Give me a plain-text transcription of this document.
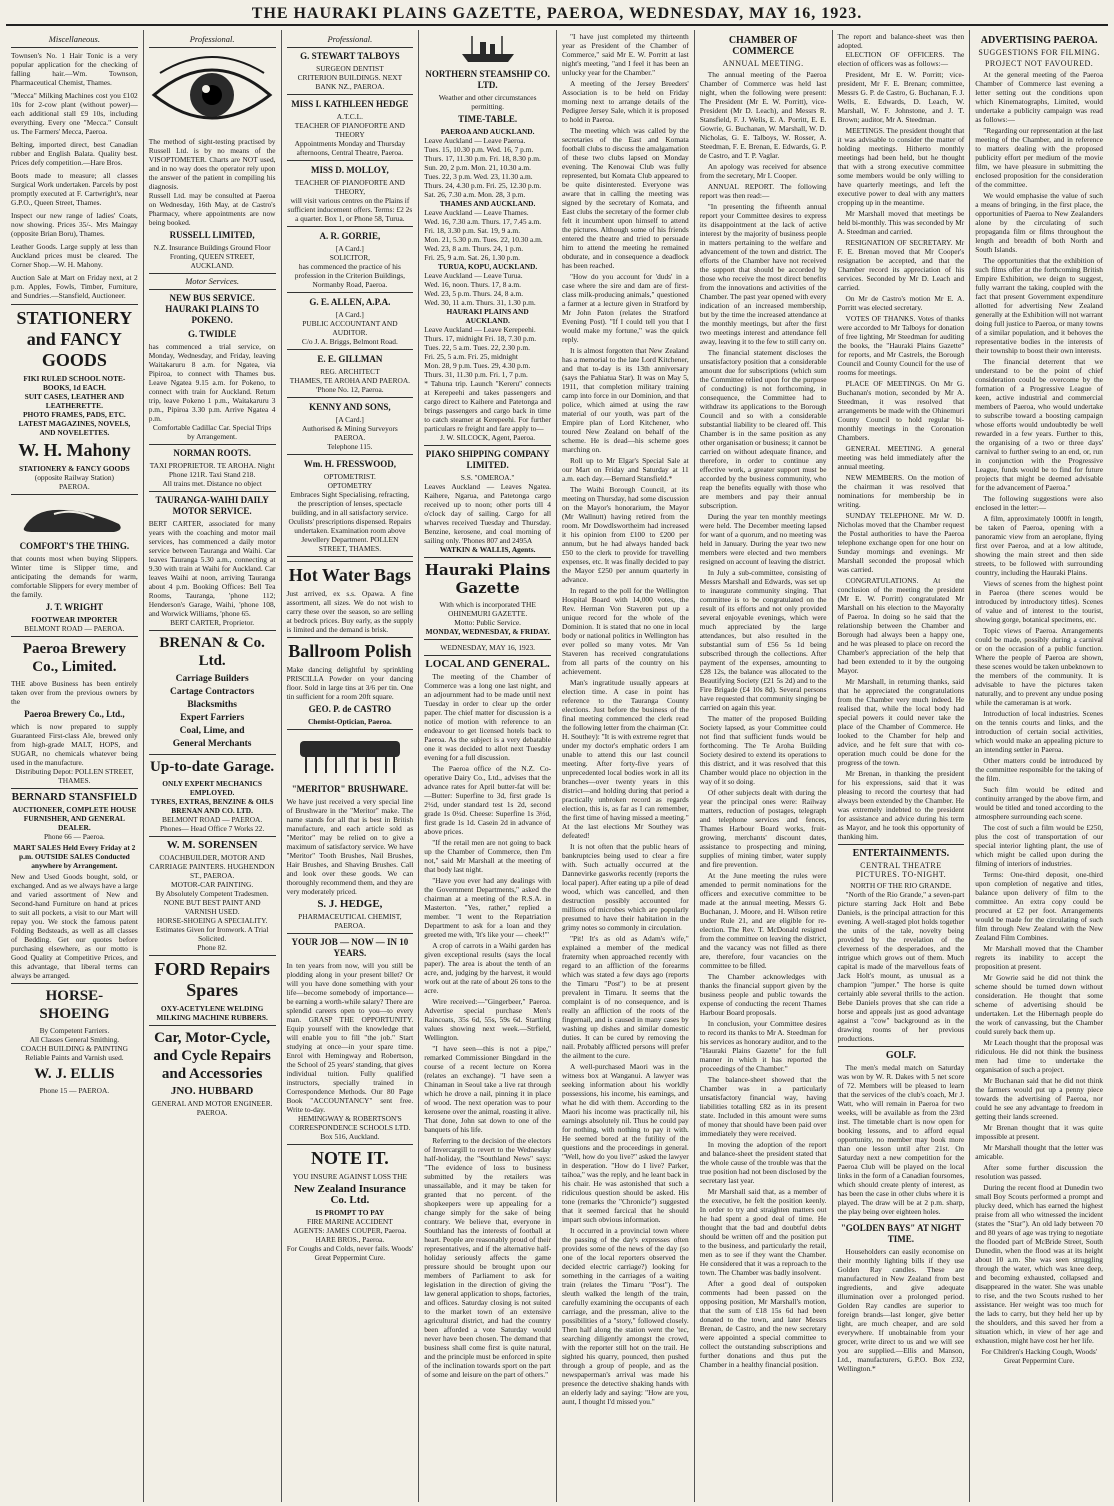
THE HAURAKI PLAINS GAZETTE, PAEROA, WEDNESDAY, MAY 16, 1923.
Miscellaneous.

Townsen's No. 1 Hair Tonic is a very popular application for the checking of falling hair.—Wm. Townson, Pharmaceutical Chemist, Thames.

"Mecca" Milking Machines cost you £102 10s for 2-cow plant (without power)—each additional stall £9 10s, including everything. Every one "Mecca." Consult us. The Farmers' Mecca, Paeroa.

Belting, imported direct, best Canadian rubber and English Balata. Quality best. Prices defy competition.—Hare Bros.

Boots made to measure; all classes Surgical Work undertaken. Parcels by post promptly executed at F. Cartwright's, near G.P.O., Queen Street, Thames.

Inspect our new range of ladies' Coats, now showing. Prices 35/-. Mrs Maingay (opposite Brian Boru), Thames.

Leather Goods. Large supply at less than Auckland prices must be cleared. The Corner Shop.—W. H. Mahony.

Auction Sale at Mart on Friday next, at 2 p.m. Apples, Fowls, Timber, Furniture, and Sundries.—Stansfield, Auctioneer.

STATIONERY and FANCY GOODS
FIKI RULED SCHOOL NOTE-BOOKS, 1d EACH.
SUIT CASES, LEATHER AND LEATHERETTE.
PHOTO FRAMES, PADS, ETC.
LATEST MAGAZINES, NOVELS, AND NOVELETTES.
W. H. Mahony
STATIONERY & FANCY GOODS
(opposite Railway Station)
PAEROA.
COMFORT'S THE THING.
that counts most when buying Slippers. Winter time is Slipper time, and anticipating the demands for warm, comfortable Slippers for every member of the family.
J. T. WRIGHT
FOOTWEAR IMPORTER
BELMONT ROAD — PAEROA.
Paeroa Brewery Co., Limited.
THE above Business has been entirely taken over from the previous owners by the
Paeroa Brewery Co., Ltd.,
which is now prepared to supply Guaranteed First-class Ale, brewed only from high-grade MALT, HOPS, and SUGAR, no chemicals whatever being used in the manufacture.
Distributing Depot: POLLEN STREET, THAMES.
BERNARD STANSFIELD
AUCTIONEER, COMPLETE HOUSE FURNISHER, AND GENERAL DEALER.
Phone 66 — Paeroa.
MART SALES Held Every Friday at 2 p.m. OUTSIDE SALES Conducted anywhere by Arrangement.
New and Used Goods bought, sold, or exchanged. And as we always have a large and varied assortment of New and Second-hand Furniture on hand at prices to suit all pockets, a visit to our Mart will repay you. We stock the famous patent Folding Bedsteads, as well as all classes of Bedding. Get our quotes before purchasing elsewhere, as our motto is Good Quality at Competitive Prices, and this advantage, that liberal terms can always be arranged.
HORSE-SHOEING
By Competent Farriers.
All Classes General Smithing.
COACH BUILDING & PAINTING
Reliable Paints and Varnish used.
W. J. ELLIS
Phone 15 — PAEROA.
Professional.
The method of sight-testing practised by Russell Ltd. is by no means of the VISOPTOMETER. Charts are NOT used, and in no way does the operator rely upon the answer of the patient in compiling his diagnosis.
Russell Ltd. may be consulted at Paeroa on Wednesday, 16th May, at de Castro's Pharmacy, where appointments are now being booked.
RUSSELL LIMITED,
N.Z. Insurance Buildings Ground Floor Fronting, QUEEN STREET, AUCKLAND.
Motor Services.
NEW BUS SERVICE. HAURAKI PLAINS TO POKENO.
G. TWIDLE
has commenced a trial service, on Monday, Wednesday, and Friday, leaving Waitakaruru 8 a.m. for Ngatea, via Pipiroa, to connect with Thames bus. Leave Ngatea 9.15 a.m. for Pokeno, to connect with train for Auckland. Return trip, leave Pokeno 1 p.m., Waitakaruru 3 p.m., Pipiroa 3.30 p.m. Arrive Ngatea 4 p.m.
Comfortable Cadillac Car. Special Trips by Arrangement.
NORMAN ROOTS.
TAXI PROPRIETOR. TE AROHA. Night Phone 121R. Taxi Stand 218.
All trains met. Distance no object
TAURANGA-WAIHI DAILY MOTOR SERVICE.
BERT CARTER, associated for many years with the coaching and motor mail services, has commenced a daily motor service between Tauranga and Waihi. Car leaves Tauranga 5.30 a.m., connecting at 9.30 with train at Waihi for Auckland. Car leaves Waihi at noon, arriving Tauranga about 4 p.m. Booking Offices: Bell Tea Rooms, Tauranga, 'phone 112; Henderson's Garage, Waihi, 'phone 108, and Worwick Williams, 'phone 65.
BERT CARTER, Proprietor.
BRENAN & Co. Ltd.
Carriage Builders
Cartage Contractors
Blacksmiths
Expert Farriers
Coal, Lime, and
General Merchants
Up-to-date Garage.
ONLY EXPERT MECHANICS EMPLOYED.
TYRES, EXTRAS, BENZINE & OILS
BRENAN AND CO. LTD.
BELMONT ROAD — PAEROA.
Phones— Head Office 7 Works 22.
W. M. SORENSEN
COACHBUILDER, MOTOR AND CARRIAGE PAINTERS. HUGHENDON ST., PAEROA.
MOTOR-CAR PAINTING.
By Absolutely Competent Tradesmen.
NONE BUT BEST PAINT AND VARNISH USED.
HORSE-SHOEING A SPECIALITY.
Estimates Given for Ironwork. A Trial Solicited.
Phone 82.
FORD Repairs Spares
OXY-ACETYLENE WELDING
MILKING MACHINE RUBBERS.
Car, Motor-Cycle, and Cycle Repairs and Accessories
JNO. HUBBARD
GENERAL AND MOTOR ENGINEER. PAEROA.
Professional.
G. STEWART TALBOYS
SURGEON DENTIST
CRITERION BUILDINGS. NEXT BANK NZ., PAEROA.
MISS I. KATHLEEN HEDGE
A.T.C.L.
TEACHER OF PIANOFORTE AND THEORY
Appointments Monday and Thursday afternoons, Central Theatre, Paeroa.
MISS D. MOLLOY,
TEACHER OF PIANOFORTE AND THEORY,
will visit various centres on the Plains if sufficient inducement offers. Terms: £2 2s a quarter. Box 1, or Phone 58, Turua.
A. R. GORRIE,
[A Card.]
SOLICITOR,
has commenced the practice of his profession in the Criterion Buildings, Normanby Road, Paeroa.
G. E. ALLEN, A.P.A.
[A Card.]
PUBLIC ACCOUNTANT AND AUDITOR.
C/o J. A. Briggs, Belmont Road.
E. E. GILLMAN
REG. ARCHITECT
THAMES, TE AROHA AND PAEROA.
'Phone No. 12, Paeroa.
KENNY AND SONS,
[A Card.]
Authorised & Mining Surveyors PAEROA.
Telephone 115.
Wm. H. FRESSWOOD,
OPTOMETRIST.
OPTOMETRY
Embraces Sight Specialising, refracting, the prescription of lenses, spectacle building, and in all satisfactory service. Oculists' prescriptions dispensed. Repairs undertaken. Examination room above Jewellery Department. POLLEN STREET, THAMES.
Hot Water Bags
Just arrived, ex s.s. Opawa. A fine assortment, all sizes. We do not wish to carry these over the season, so are selling at bedrock prices. Buy early, as the supply is limited and the demand is brisk.
Ballroom Polish
Make dancing delightful by sprinkling PRISCILLA Powder on your dancing floor. Sold in large tins at 3/6 per tin. One tin sufficient for a room 20ft square.
GEO. P. de CASTRO
Chemist-Optician, Paeroa.
"MERITOR" BRUSHWARE.
We have just received a very special line of Brushware in the "Meritor" make. The name stands for all that is best in British manufacture, and each article sold as "Meritor" may be relied on to give a maximum of satisfactory service. We have "Meritor" Tooth Brushes, Nail Brushes, Hair Brushes, and Shaving Brushes. Call and look over these goods. We can thoroughly recommend them, and they are very moderately priced.
S. J. HEDGE,
PHARMACEUTICAL CHEMIST, PAEROA.
YOUR JOB — NOW — IN 10 YEARS.
In ten years from now, will you still be plodding along in your present billet? Or will you have done something with your life—become somebody of importance—be earning a worth-while salary? There are splendid careers open to you—to every man. GRASP THE OPPORTUNITY. Equip yourself with the knowledge that will enable you to fill "the job." Start studying at once—in your spare time. Enrol with Hemingway and Robertson, the School of 25 years' standing, that gives individual tuition. Fully qualified instructors, specially trained in Correspondence Methods. Our 80 Page Book "ACCOUNTANCY" sent free. Write to-day.
HEMINGWAY & ROBERTSON'S CORRESPONDENCE SCHOOLS LTD. Box 516, Auckland.
NOTE IT.
YOU INSURE AGAINST LOSS THE
New Zealand Insurance Co. Ltd.
IS PROMPT TO PAY
FIRE MARINE ACCIDENT
AGENTS: JAMES COUPER, Paeroa. HARE BROS., Paeroa.
For Coughs and Colds, never fails. Woods' Great Peppermint Cure.
NORTHERN STEAMSHIP CO. LTD.
Weather and other circumstances permitting.
TIME-TABLE.
PAEROA AND AUCKLAND.
Leave Auckland — Leave Paeroa.
Tues. 15, 10.30 p.m. Wed. 16, 7 p.m.
Thurs. 17, 11.30 p.m. Fri. 18, 8.30 p.m.
Sun. 20, 2 p.m. Mon. 21, 10.30 a.m.
Tues. 22, 3 p.m. Wed. 23, 11.30 a.m.
Thurs. 24, 4.30 p.m. Fri. 25, 12.30 p.m.
Sat. 26, 7.30 a.m. Mon. 28, 3 p.m.
THAMES AND AUCKLAND.
Leave Auckland — Leave Thames.
Wed. 16, 7.30 a.m. Thurs. 17, 7.45 a.m.
Fri. 18, 3.30 p.m. Sat. 19, 9 a.m.
Mon. 21, 5.30 p.m. Tues. 22, 10.30 a.m.
Wed. 23, 8 a.m. Thurs. 24, 1 p.m.
Fri. 25, 9 a.m. Sat. 26, 1.30 p.m.
TURUA, KOPU, AUCKLAND.
Leave Auckland — Leave Turua.
Wed. 16, noon. Thurs. 17, 8 a.m.
Wed. 23, 5 p.m. Thurs. 24, 8 a.m.
Wed. 30, 11 a.m. Thurs. 31, 1.30 p.m.
HAURAKI PLAINS AND AUCKLAND.
Leave Auckland — Leave Kerepeehi.
Thurs. 17, midnight Fri. 18, 7.30 p.m.
Tues. 22, 5 a.m. Tues. 22, 2.30 p.m.
Fri. 25, 5 a.m. Fri. 25, midnight
Mon. 28, 9 p.m. Tues. 29, 4.30 p.m.
Thurs. 31, 11.30 p.m. Fri. 1, 7 p.m.
* Tahuna trip. Launch "Kereru" connects at Kerepeehi and takes passengers and cargo direct to Kaihere and Patetonga and brings passengers and cargo back in time to catch steamer at Kerepeehi. For further particulars re freight and fare apply to—
J. W. SILCOCK, Agent, Paeroa.
PIAKO SHIPPING COMPANY LIMITED.
S.S. "OMEROA."
Leaves Auckland — Leaves Ngatea. Kaihere, Ngarua, and Patetonga cargo received up to noon; other ports till 4 o'clock day of sailing. Cargo for all wharves received Tuesday and Thursday. Benzine, kerosene, and coal morning of sailing only. 'Phones 807 and 2495A
WATKIN & WALLIS, Agents.
Hauraki Plains Gazette
With which is incorporated THE OHINEMURI GAZETTE.
Motto: Public Service.
MONDAY, WEDNESDAY, & FRIDAY.
WEDNESDAY, MAY 16, 1923.
LOCAL AND GENERAL.

The meeting of the Chamber of Commerce was a long one last night, and an adjournment had to be made until next Tuesday in order to clear up the order paper. The chief matter for discussion is a notice of motion with reference to an endeavour to get licensed hotels back to Paeroa. As the subject is a very debatable one it was decided to allot next Tuesday evening for a full discussion.

The Paeroa office of the N.Z. Co-operative Dairy Co., Ltd., advises that the advance rates for April butter-fat will be:—Butter: Superfine to 3d, first grade 1s 2½d, under standard test 1s 2d, second grade 1s 0½d. Cheese: Superfine 1s 3½d, first grade 1s 1d. Casein 2d in advance of above prices.

"If the retail men are not going to back up the Chamber of Commerce, then I'm not," said Mr Marshall at the meeting of that body last night.

"Have you ever had any dealings with the Government Departments," asked the chairman at a meeting of the R.S.A. in Masterton. "Yes, rather," replied a member. "I went to the Repatriation Department to ask for a loan and they greeted me with, 'It's like your — cheek!'"

A crop of carrots in a Waihi garden has given exceptional results (says the local paper). The area is about the tenth of an acre, and, judging by the harvest, it would work out at the rate of about 26 tons to the acre.

Wire received:—"Gingerbeer," Paeroa. Advertise special purchase Men's Raincoats, 35s 6d, 55s, 59s 6d. Startling values showing next week.—Strfield, Wellington.

"I have seen—this is not a pipe," remarked Commissioner Bingdard in the course of a recent lecture on Korea (relates an exchange). "I have seen a Chinaman in Seoul take a live rat through which he drove a nail, pinning it in place of wood. The next operation was to pour kerosene over the animal, roasting it alive. That done, John sat down to one of the banquets of his life.

Referring to the decision of the electors of Invercargill to revert to the Wednesday half-holiday, the "Southland News" says: "The evidence of loss to business submitted by the retailers was unassailable, and it may be taken for granted that no percent. of the shopkeepers were up appealing for a change simply for the sake of being contrary. We believe that, everyone in Southland has the interests of football at heart. People are reasonably proud of their representatives, and if the alternative half-holiday seriously affects the game pressure should be brought upon our members of Parliament to ask for legislation in the direction of giving the law general application to shops, factories, and offices. Saturday closing is not suited to the market town of an extensive agricultural district, and had the country been afforded a vote Saturday would never have been chosen. The demand that business shall come first is quite natural, and the principle must be enforced in spite of the inclination towards sport on the part of some and leisure on the part of others."

"I have just completed my thirteenth year as President of the Chamber of Commerce," said Mr E. W. Porritt at last night's meeting, "and I feel it has been an unlucky year for the Chamber."

A meeting of the Jersey Breeders' Association is to be held on Friday morning next to arrange details of the Pedigree Jersey Sale, which it is proposed to hold in Paeroa.

The meeting which was called by the secretaries of the East and Komata football clubs to discuss the amalgamation of these two clubs lapsed on Monday evening. The Kenowai Club was fully represented, but Komata Club appeared to be quite disinterested. Everyone was aware that in calling the meeting was signed by the secretary of Komata, and East clubs the secretary of the former club felt it incumbent upon himself to attend the pictures. Although some of his friends entered the theatre and tried to persuade him to attend the meeting he remained obdurate, and in consequence a deadlock has been reached.

"How do you account for 'duds' in a case where the sire and dam are of first-class milk-producing animals," questioned a farmer at a lecture given in Stratford by Mr John Paton (relates the Stratford Evening Post). "If I could tell you that I would make my fortune," was the quick reply.

It is almost forgotten that New Zealand has a memorial to the late Lord Kitchener, and that to-day is its 13th anniversary (says the Pahiatua Star). It was on May 5, 1911, that completion military training camp into force in our Dominion, and that police, which aimed at using the raw material of our youth, was part of the Empire plan of Lord Kitchener, who toured New Zealand on behalf of the scheme. He is dead—his scheme goes marching on.

Roll up to Mr Elgar's Special Sale at our Mart on Friday and Saturday at 11 a.m. each day.—Bernard Stansfield.*

The Waihi Borough Council, at its meeting on Thursday, had some discussion on the Mayor's honorarium, the Mayor (Mr Wallnutt) having retired from the room. Mr Dowdlswortheim had increased it his opinion from £100 to £200 per annum, but he had always handed back £50 to the clerk to provide for travelling expenses, etc. It was finally decided to pay the Mayor £250 per annum quarterly in advance.

In regard to the poll for the Wellington Hospital Board with 14,000 votes, the Rev. Herman Von Staveren put up a unique record for the whole of the Dominion. It is stated that no one in local body or national politics in Wellington has ever polled so many votes. Mr Van Staveren has received congratulations from all parts of the country on his achievement.

Man's ingratitude usually appears at election time. A case in point has reference to the Tauranga County elections. Just before the business of the final meeting commenced the clerk read the following letter from the chairman (Cr. H. Southey): "It is with extreme regret that under my doctor's emphatic orders I am unable to attend this our last council meeting. After forty-five years of unprecedented local bodies work in all its branches—over twenty years in this district—and holding during that period a practically unbroken record as regards election, this is, as far as I can remember, the first time of having missed a meeting." At the last elections Mr Southey was defeated!

It is not often that the public hears of bankruptcies being used to clear a fire with. Such actually occurred at the Dannevirke gasworks recently (reports the local paper). After eating up a pile of dead wood, which was cancelled, and then destruction possibly accounted for millions of microbes which are popularly presumed to have their habitation in the grimy notes so commonly in circulation.

"Pit! It's as old as Adam's wife," explained a member of the medical fraternity when approached recently with regard to an affliction of the forearms which was stated a few days ago (reports the Timaru "Post") to be at present prevalent in Timaru. It seems that the complaint is of no consequence, and is really an affliction of the roots of the fingernail, and is caused in many cases by washing up dishes and similar domestic duties. It can be cured by removing the nail. Probably afflicted persons will prefer the ailment to the cure.

A well-purchased Maori was in the witness box at Wanganui. A lawyer was seeking information about his worldly possessions, his income, his earnings, and what he did with them. According to the Maori his income was practically nil, his earnings absolutely nil. Thus he could pay for nothing, with nothing to pay it with. He seemed bored at the futility of the questions and the proceedings in general. "Well, how do you live?" asked the lawyer in desperation. "How do I live? Parker, taihoa," was the reply, and he leant back in his chair. He was astonished that such a ridiculous question should be asked. His tone (remarks the "Chronicle") suggested that it seemed farcical that he should impart such obvious information.

It occurred in a provincial town where the passing of the day's expresses often provides some of the news of the day (so one of the local reporters observed the decided electric carriage?) looking for something in the carriages of a waiting train (relates the Timaru "Post"). The sleuth walked the length of the train, carefully examining the occupants of each carriage, and the pressman, alive to the possibilities of a "story," followed closely. Then half along the station went the 'tec, searching diligently amongst the crowd, with the reporter still hot on the trail. He sighted his quarry, pounced, then pushed through a group of people, and as the newspaperman's arrival was made his presence the detective shaking hands with an elderly lady and saying: "How are you, aunt, I thought I'd missed you."

CHAMBER OF COMMERCE
ANNUAL MEETING.

The annual meeting of the Paeroa Chamber of Commerce was held last night, when the following were present: The President (Mr E. W. Porritt), vice-President (Mr D. Leach), and Messrs R. Stansfield, F. J. Wells, E. A. Porritt, E. E. Gowrie, G. Buchanan, W. Marshall, W. D. Nicholas, G. E. Talboys, W. Rosser, A. Steedman, F. E. Brenan, E. Edwards, G. P. de Castro, and T. P. Vaglar.

An apology was received for absence from the secretary, Mr I. Cooper.

ANNUAL REPORT. The following report was then read:—

"In presenting the fifteenth annual report your Committee desires to express its disappointment at the lack of active interest by the majority of business people in matters pertaining to the welfare and advancement of the town and district. The efforts of the Chamber have not received the support that should be accorded by those who receive the most direct benefits from the innovations and activities of the Chamber. The past year opened with every indication of an increased membership, but by the time the increased attendance at the monthly meetings, but after the first two meetings interest and attendance fell away, leaving it to the few to still carry on.

The financial statement discloses the unsatisfactory position that a considerable amount due for subscriptions (which sum the Committee relied upon for the purpose of conducting) is not forthcoming, in consequence, the Committee had to withdraw its applications to the Borough Council and so with a considerable substantial liability to be cleared off. This Chamber is in the same position as any other organisation or business; it cannot be carried on without adequate finance, and therefore, in order to continue any effective work, a greater support must be accorded by the business community, who reap the benefits equally with those who are members and pay their annual subscription.

During the year ten monthly meetings were held. The December meeting lapsed for want of a quorum, and no meeting was held in January. During the year two new members were elected and two members resigned on account of leaving the district.

In July a sub-committee, consisting of Messrs Marshall and Edwards, was set up to inaugurate community singing. That committee is to be congratulated on the result of its efforts and not only provided several enjoyable evenings, which were much appreciated by the large attendances, but also resulted in the substantial sum of £56 5s 1d being subscribed through the collections. After payment of the expenses, amounting to £28 12s, the balance was allocated to the Beautifying Society (£21 5s 2d) and to the Fire Brigade (£4 10s 8d). Several persons have requested that community singing be carried on again this year.

The matter of the proposed Building Society lapsed, as your Committee could not find that sufficient funds would be forthcoming. The Te Aroha Building Society desired to extend its operations to this district, and it was resolved that this Chamber would place no objection in the way of it so doing.

Of other subjects dealt with during the year the principal ones were: Railway matters, reduction of postages, telegraph and telephone services and fences, Thames Harbour Board works, fruit-growing, merchants' discount dates, assistance to prospecting and mining, supplies of mining timber, water supply and fire prevention.

At the June meeting the rules were amended to permit nominations for the officers and executive committee to be made at the annual meeting, Messrs G. Buchanan, J. Moore, and H. Wilson retire under Rule 21, and are eligible for re-election. The Rev. T. McDonald resigned from the committee on leaving the district, and the vacancy was not filled as there are, therefore, four vacancies on the committee to be filled.

The Chamber acknowledges with thanks the financial support given by the business people and public towards the expense of conducting the recent Thames Harbour Board proposals.

In conclusion, your Committee desires to record its thanks to Mr A. Steedman for his services as honorary auditor, and to the "Hauraki Plains Gazette" for the full manner in which it has reported the proceedings of the Chamber."

The balance-sheet showed that the Chamber was in a particularly unsatisfactory financial way, having liabilities totalling £82 as in its present state. Included in this amount were sums of money that should have been paid over immediately they were received.

In moving the adoption of the report and balance-sheet the president stated that the whole cause of the trouble was that the true position had not been disclosed by the secretary last year.

Mr Marshall said that, as a member of the executive, he felt the position keenly. In order to try and straighten matters out he had spent a good deal of time. He thought that the bad and doubtful debts should be written off and the position put to the business, and particularly the retail, men as to see if they want the Chamber. He considered that it was a reproach to the town. The Chamber was badly insolvent.

After a good deal of outspoken comments had been passed on the opposing position, Mr Marshall's motion, that the sum of £18 15s 6d had been donated to the town, and later Messrs Brenan, de Castro, and the new secretary were appointed a special committee to collect the outstanding subscriptions and further donations and thus put the Chamber in a healthy financial position.

The report and balance-sheet was then adopted.

ELECTION OF OFFICERS. The election of officers was as follows:—

President, Mr E. W. Porritt; vice-president, Mr F. E. Brenan; committee, Messrs G. P. de Castro, G. Buchanan, F. J. Wells, E. Edwards, D. Leach, W. Marshall, W. F. Johnstone, and J. T. Brown; auditor, Mr A. Steedman.

MEETINGS. The president thought that it was advisable to consider the matter of holding meetings. Hitherto monthly meetings had been held, but he thought that with a strong executive committee some members would be only willing to have quarterly meetings, and left the executive power to deal with any matters cropping up in the meantime.

Mr Marshall moved that meetings be held bi-monthly. This was seconded by Mr A. Steedman and carried.

RESIGNATION OF SECRETARY. Mr F. E. Brenan moved that Mr Cooper's resignation be accepted, and that the Chamber record its appreciation of his services. Seconded by Mr D. Leach and carried.

On Mr de Castro's motion Mr E. A. Porritt was elected secretary.

VOTES OF THANKS. Votes of thanks were accorded to Mr Talboys for donation of free lighting, Mr Steedman for auditing the books, the "Hauraki Plains Gazette" for reports, and Mr Castrels, the Borough Council and County Council for the use of rooms for meetings.

PLACE OF MEETINGS. On Mr G. Buchanan's motion, seconded by Mr A. Steedman, it was resolved that arrangements be made with the Ohinemuri County Council to hold regular bi-monthly meetings in the Coronation Chambers.

GENERAL MEETING. A general meeting was held immediately after the annual meeting.

NEW MEMBERS. On the motion of the chairman it was resolved that nominations for membership be in writing.

SUNDAY TELEPHONE. Mr W. D. Nicholas moved that the Chamber request the Postal authorities to have the Paeroa telephone exchange open for one hour on Sunday mornings and evenings. Mr Marshall seconded the proposal which was carried.

CONGRATULATIONS. At the conclusion of the meeting the president (Mr E. W. Porritt) congratulated Mr Marshall on his election to the Mayoralty of Paeroa. In doing so he said that the relationship between the Chamber and Borough had always been a happy one, and he was pleased to place on record the Chamber's appreciation of the help that had been extended to it by the outgoing Mayor.

Mr Marshall, in returning thanks, said that he appreciated the congratulations from the Chamber very much indeed. He realised that, while the local body had special powers it could never take the place of the Chamber of Commerce. He looked to the Chamber for help and advice, and he felt sure that with co-operation much could be done for the progress of the town.

Mr Brenan, in thanking the president for his expressions, said that it was pleasing to record the courtesy that had always been extended by the Chamber. He was extremely indebted to the president for assistance and advice during his term as Mayor, and he took this opportunity of thanking him.

ENTERTAINMENTS.
CENTRAL THEATRE PICTURES. TO-NIGHT.
NORTH OF THE RIO GRANDE.

"North of the Rio Grande," a seven-part picture starring Jack Holt and Bebe Daniels, is the principal attraction for this evening. A well-staged plot holds together the units of the tale, novelty being provided by the revelation of the cleverness of the desperadoes, and the intrigue which grows out of them. Much capital is made of the marvellous feats of Jack Holt's mount, as unusual as a champion "jumper." The horse is quite certainly able several thrills to the action. Bebe Daniels proves that she can ride a horse and appeals just as good advantage against a "cow" background as in the drawing rooms of her previous productions.

GOLF.

The men's medal match on Saturday was won by W. R. Dakes with 5 net score of 72. Members will be pleased to learn that the services of the club's coach, Mr J. Watt, who will remain in Paeroa for two weeks, will be available as from the 23rd inst. The timetable chart is now open for booking lessons, and to afford equal opportunity, no member may book more than one lesson until after 21st. On Saturday next a new competition for the Paeroa Club will be played on the local links in the form of a Canadian foursomes, which should create plenty of interest, as has been the case in other clubs where it is played. The draw will be at 2 p.m. sharp, the play being over eighteen holes.

"GOLDEN BAYS" AT NIGHT TIME.

Householders can easily economise on their monthly lighting bills if they use Golden Ray candles. These are manufactured in New Zealand from best ingredients, and give adequate illumination over a prolonged period. Golden Ray candles are superior to foreign brands—last longer, give better light, are much cheaper, and are sold everywhere. If unobtainable from your grocer, write direct to us and we will see you are supplied.—Ellis and Manson, Ltd., manufacturers, G.P.O. Box 232, Wellington.*

ADVERTISING PAEROA.
SUGGESTIONS FOR FILMING.
PROJECT NOT FAVOURED.

At the general meeting of the Paeroa Chamber of Commerce last evening a letter setting out the conditions upon which Kinematographs, Limited, would undertake a publicity campaign was read as follows:—

"Regarding our representation at the last meeting of the Chamber, and in reference to matters dealing with the proposed publicity effort per medium of the movie film, we have pleasure in submitting the enclosed proposition for the consideration of the committee.

We would emphasise the value of such a means of bringing, in the first place, the opportunities of Paeroa to New Zealanders alone by the circulating of such propaganda film or films throughout the length and breadth of both North and South Islands.

The opportunities that the exhibition of such films offer at the forthcoming British Empire Exhibition, we deign to suggest, fully warrant the taking, coupled with the fact that present Government expenditure allotted for advertising New Zealand generally at the Exhibition will not warrant doing full justice to Paeroa, or many towns of a similar population, and it behoves the representative bodies in the interests of their township to boost their own interests.

The financial deterrent that we understand to be the point of chief consideration could be overcome by the formation of a Progressive League of keen, active industrial and commercial members of Paeroa, who would undertake to subscribe toward a boosting campaign whose efforts would undoubtedly be well rewarded in a few years. Further to this, the organising of a two or three days' carnival to further swing to an end, or, run in conjunction with the Progressive League, funds would be to find for future projects that might be deemed advisable for the advancement of Paeroa."

The following suggestions were also enclosed in the letter:—

A film, approximately 1000ft in length, be taken of Paeroa, opening with a panoramic view from an aeroplane, flying first over Paeroa, and at a low altitude, showing the main street and then side streets, to be followed with surrounding country, including the Hauraki Plains.

Views of scenes from the highest point in Paeroa (there scenes would be introduced by introductory titles). Scenes of value and of interest to the tourist, showing gorge, botanical specimens, etc.

Topic views of Paeroa. Arrangements could be made, possibly during a carnival or on the occasion of a public function. Where the people of Paeroa are shown, these scenes would be taken unbeknown to the members of the community. It is advisable to have the pictures taken naturally, and to prevent any undue posing while the cameraman is at work.

Introduction of local industries. Scenes on the tennis courts and links, and the introduction of certain social activities, which would make an appealing picture to an intending settler in Paeroa.

Other matters could be introduced by the committee responsible for the taking of the film.

Such film would be edited and continuity arranged by the above firm, and would be titled and toned according to the atmosphere surrounding each scene.

The cost of such a film would be £250, plus the cost of transportation of our special interior lighting plant, the use of which might be called upon during the filming of interiors of industries.

Terms: One-third deposit, one-third upon completion of negative and titles, balance upon delivery of film to the committee. An extra copy could be procured at £2 per foot. Arrangements would be made for the circulating of such film through New Zealand with the New Zealand Film Combines.

Mr Marshall moved that the Chamber regrets its inability to accept the proposition at present.

Mr Gowrie said he did not think the scheme should be turned down without consideration. He thought that some scheme of advertising should be undertaken. Let the Hibernagh people do the work of canvassing, but the Chamber could surely back them up.

Mr Leach thought that the proposal was ridiculous. He did not think the business men had time to undertake the organisation of such a project.

Mr Buchanan said that he did not think the farmers would put up a penny piece towards the advertising of Paeroa, nor could he see any advantage to freedom in getting their lands screened.

Mr Brenan thought that it was quite impossible at present.

Mr Marshall thought that the letter was amicable.

After some further discussion the resolution was passed.

During the recent flood at Dunedin two small Boy Scouts performed a prompt and plucky deed, which has earned the highest praise from all who witnessed the incident (states the "Star"). An old lady between 70 and 80 years of age was trying to negotiate the flooded part of McBride Street, South Dunedin, when the flood was at its height about 10 a.m. She was seen struggling through the water, which was knee deep, and becoming exhausted, collapsed and disappeared in the water. She was unable to rise, and the two Scouts rushed to her assistance. Her weight was too much for the lads to carry, but they held her up by the shoulders, and this saved her from a situation which, in view of her age and exhaustion, might have cost her her life.

For Children's Hacking Cough, Woods' Great Peppermint Cure.
